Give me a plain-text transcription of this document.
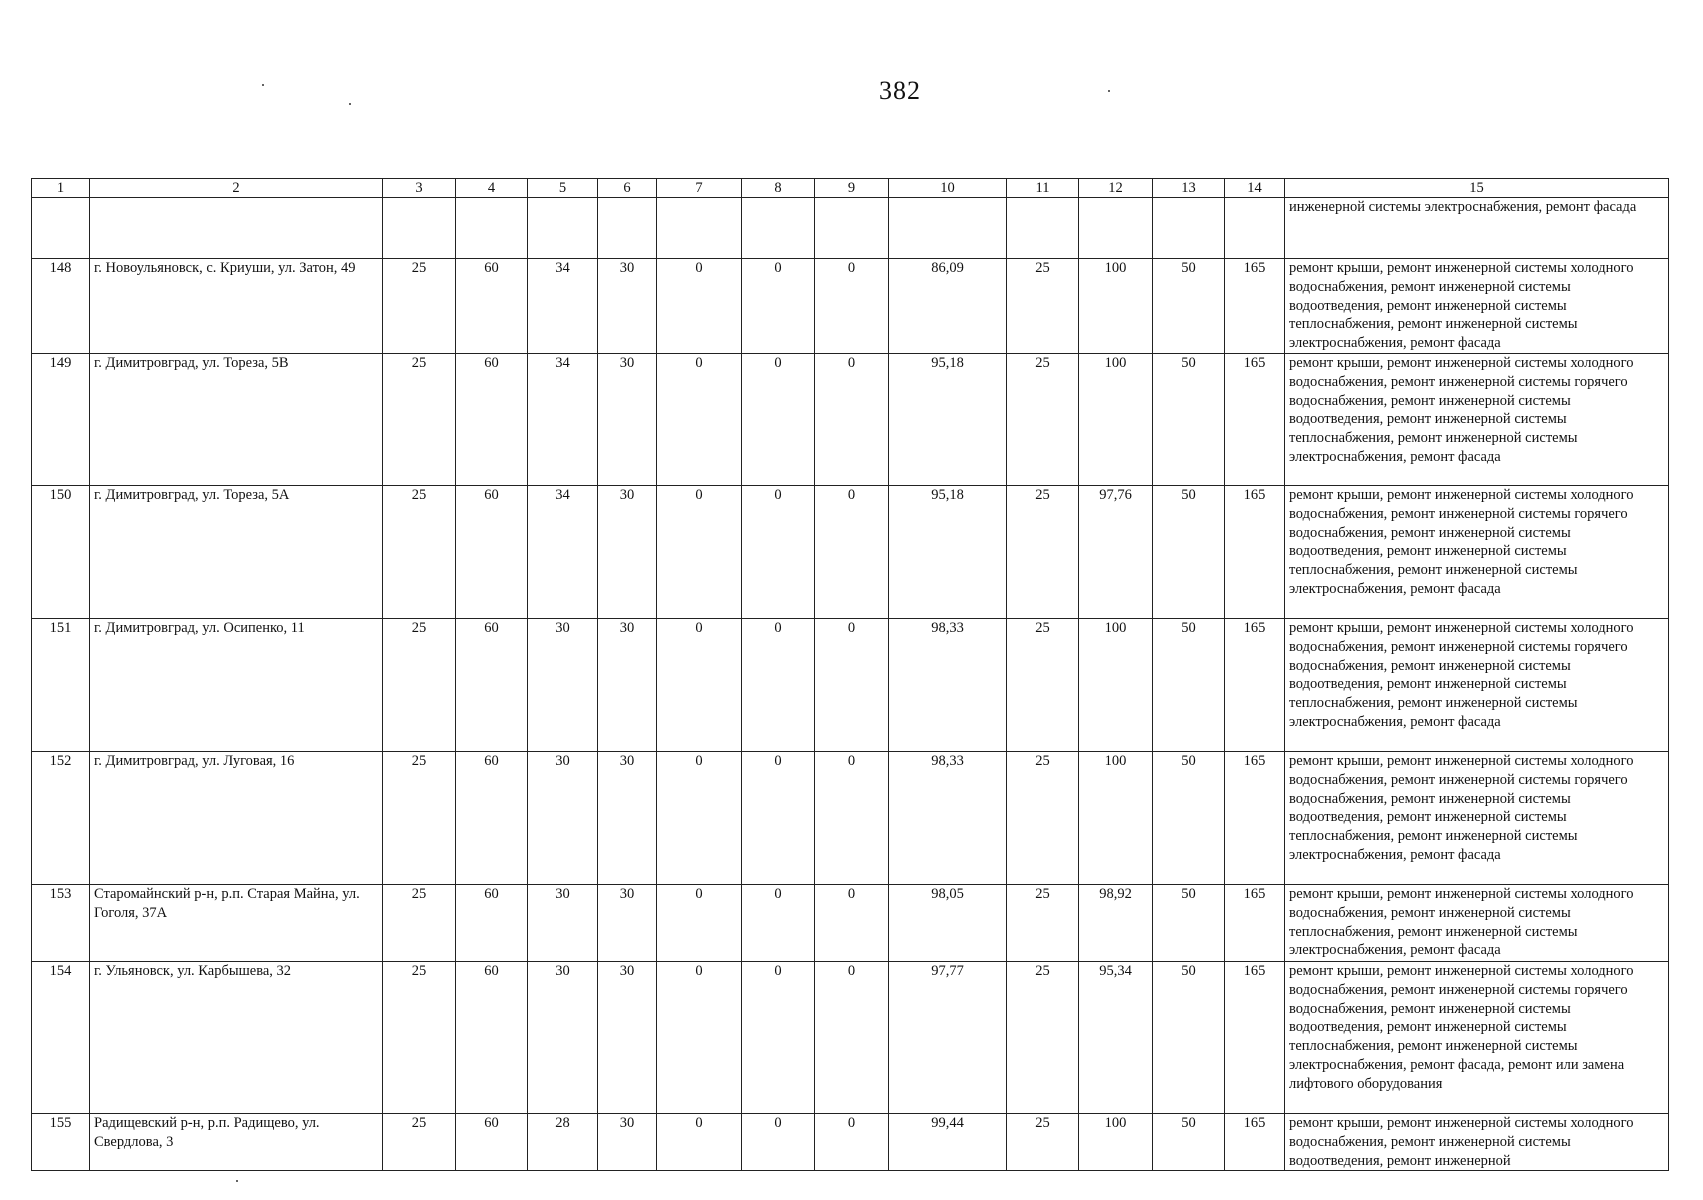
382
1	2	3	4	5	6	7	8	9	10	11	12	13	14	15
														инженерной системы электроснабжения, ремонт фасада
148	г. Новоульяновск, с. Криуши, ул. Затон, 49	25	60	34	30	0	0	0	86,09	25	100	50	165	ремонт крыши, ремонт инженерной системы холодного водоснабжения, ремонт инженерной системы водоотведения, ремонт инженерной системы теплоснабжения, ремонт инженерной системы электроснабжения, ремонт фасада
149	г. Димитровград, ул. Тореза, 5В	25	60	34	30	0	0	0	95,18	25	100	50	165	ремонт крыши, ремонт инженерной системы холодного водоснабжения, ремонт инженерной системы горячего водоснабжения, ремонт инженерной системы водоотведения, ремонт инженерной системы теплоснабжения, ремонт инженерной системы электроснабжения, ремонт фасада
150	г. Димитровград, ул. Тореза, 5А	25	60	34	30	0	0	0	95,18	25	97,76	50	165	ремонт крыши, ремонт инженерной системы холодного водоснабжения, ремонт инженерной системы горячего водоснабжения, ремонт инженерной системы водоотведения, ремонт инженерной системы теплоснабжения, ремонт инженерной системы электроснабжения, ремонт фасада
151	г. Димитровград, ул. Осипенко, 11	25	60	30	30	0	0	0	98,33	25	100	50	165	ремонт крыши, ремонт инженерной системы холодного водоснабжения, ремонт инженерной системы горячего водоснабжения, ремонт инженерной системы водоотведения, ремонт инженерной системы теплоснабжения, ремонт инженерной системы электроснабжения, ремонт фасада
152	г. Димитровград, ул. Луговая, 16	25	60	30	30	0	0	0	98,33	25	100	50	165	ремонт крыши, ремонт инженерной системы холодного водоснабжения, ремонт инженерной системы горячего водоснабжения, ремонт инженерной системы водоотведения, ремонт инженерной системы теплоснабжения, ремонт инженерной системы электроснабжения, ремонт фасада
153	Старомайнский р-н, р.п. Старая Майна, ул. Гоголя, 37А	25	60	30	30	0	0	0	98,05	25	98,92	50	165	ремонт крыши, ремонт инженерной системы холодного водоснабжения, ремонт инженерной системы теплоснабжения, ремонт инженерной системы электроснабжения, ремонт фасада
154	г. Ульяновск, ул. Карбышева, 32	25	60	30	30	0	0	0	97,77	25	95,34	50	165	ремонт крыши, ремонт инженерной системы холодного водоснабжения, ремонт инженерной системы горячего водоснабжения, ремонт инженерной системы водоотведения, ремонт инженерной системы теплоснабжения, ремонт инженерной системы электроснабжения, ремонт фасада, ремонт или замена лифтового оборудования
155	Радищевский р-н, р.п. Радищево, ул. Свердлова, 3	25	60	28	30	0	0	0	99,44	25	100	50	165	ремонт крыши, ремонт инженерной системы холодного водоснабжения, ремонт инженерной системы водоотведения, ремонт инженерной
